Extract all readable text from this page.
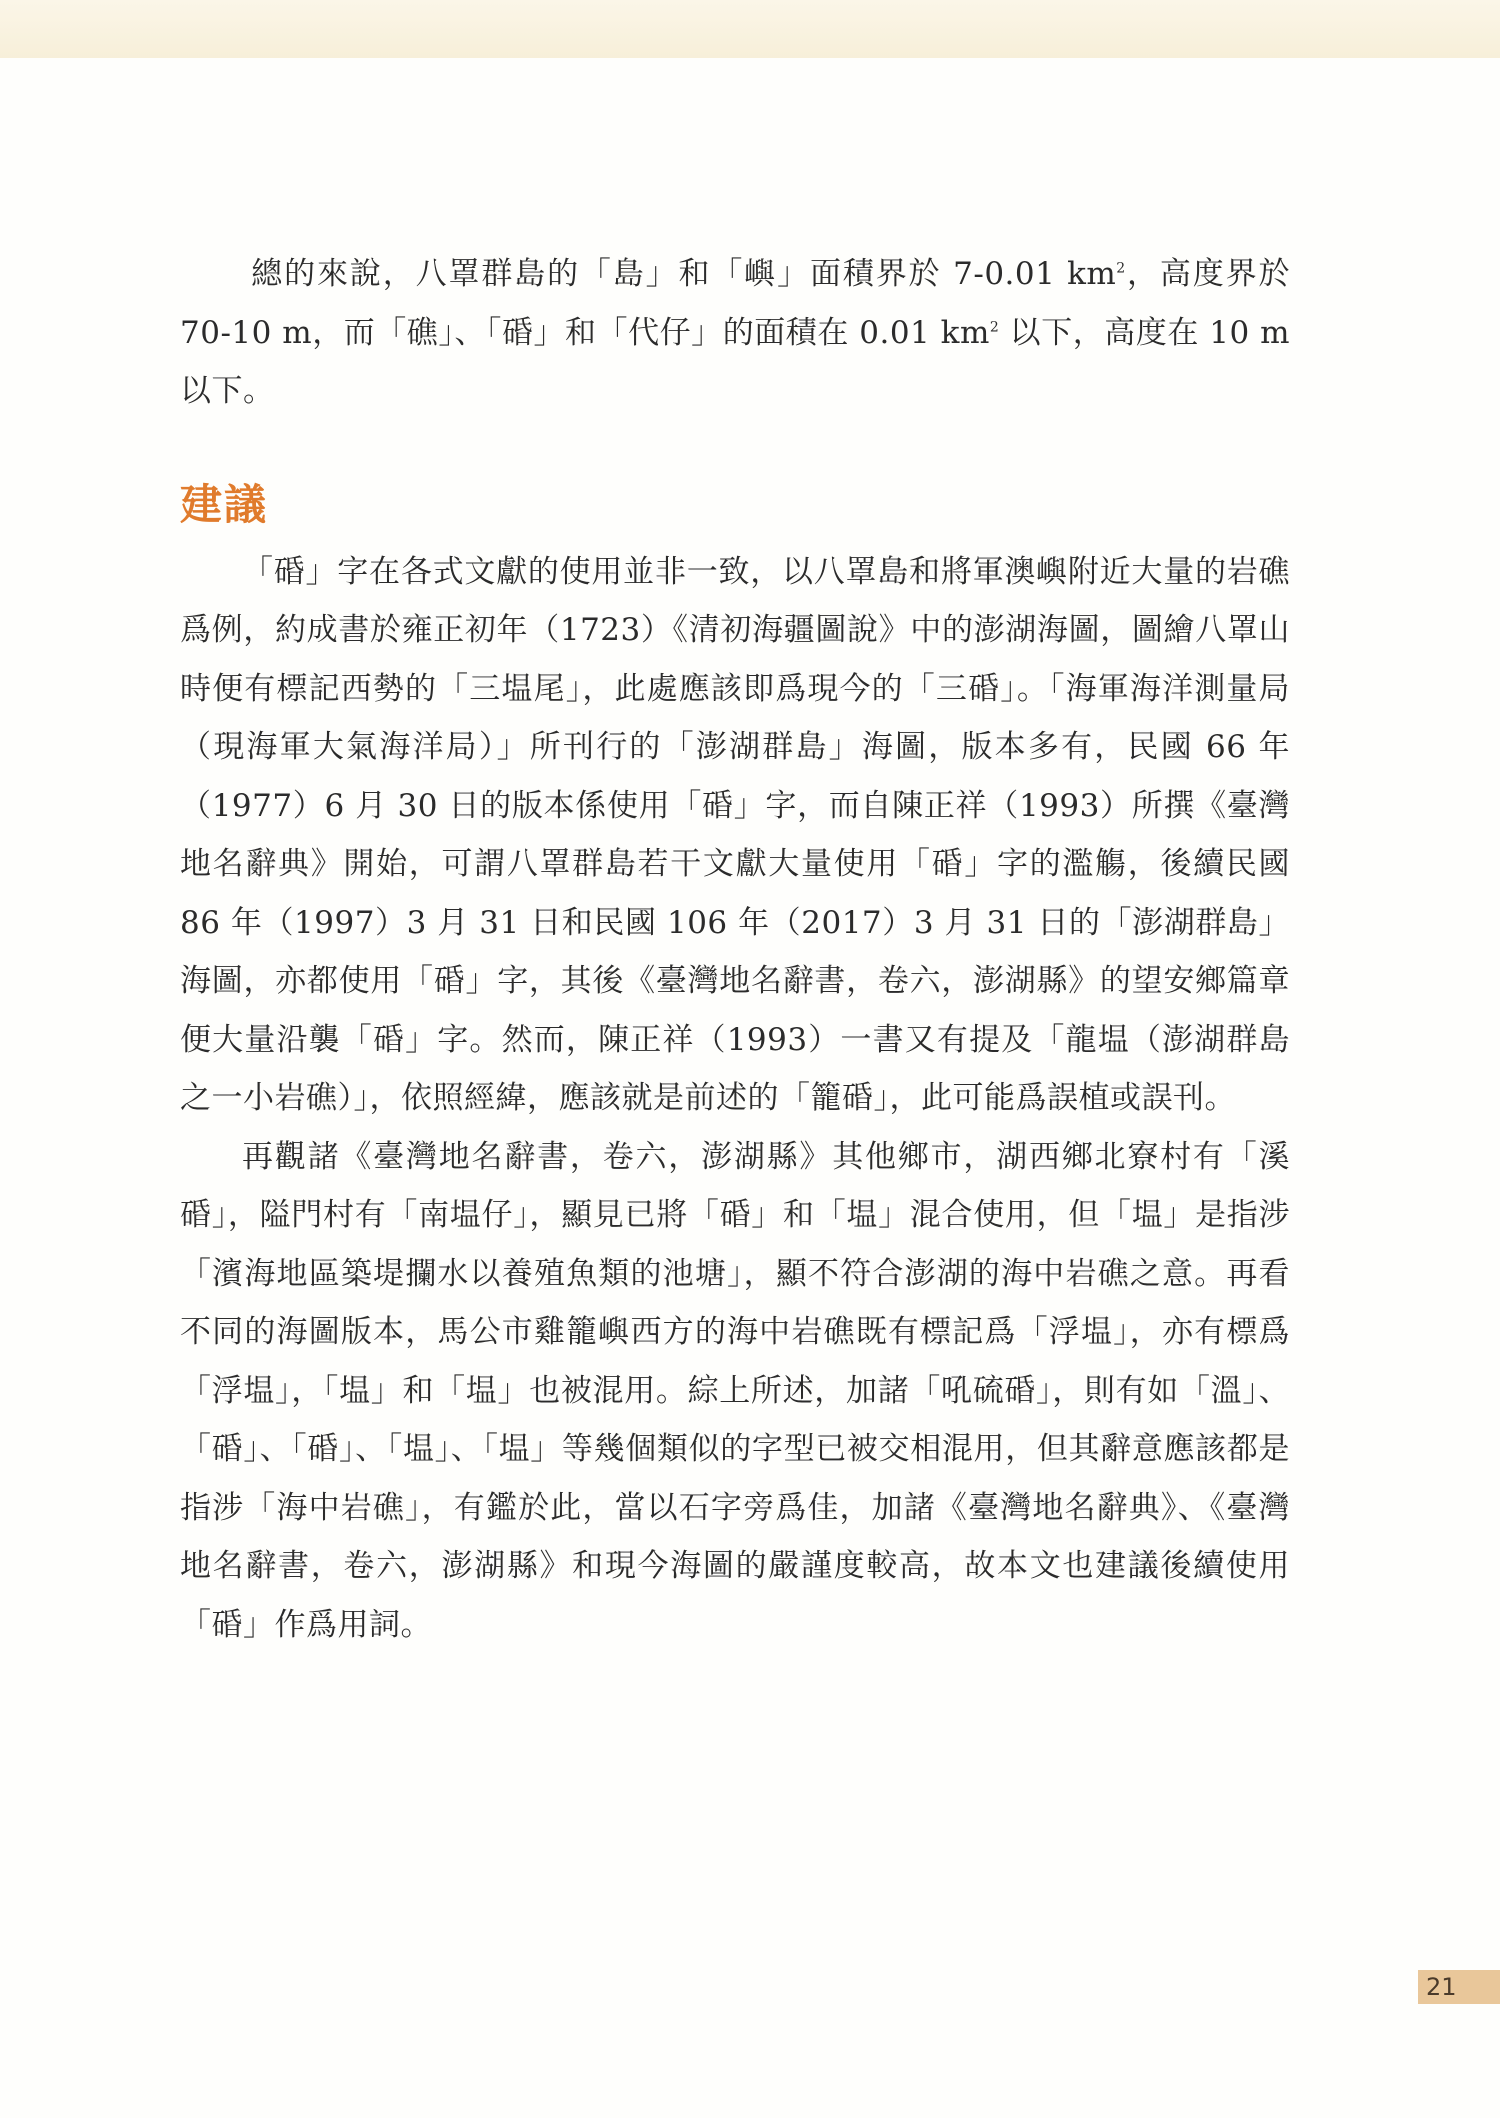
總的來說，八罩群島的「島」和「嶼」面積界於 7-0.01 $km^2$，高度界於 70-10 m，而「礁」、「碈」和「代仔」的面積在 0.01 $km^2$ 以下，高度在 10 m 以下。

建議

「碈」字在各式文獻的使用並非一致，以八罩島和將軍澳嶼附近大量的岩礁爲例，約成書於雍正初年（1723）《清初海疆圖說》中的澎湖海圖，圖繪八罩山時便有標記西勢的「三塭尾」，此處應該即爲現今的「三碈」。「海軍海洋測量局（現海軍大氣海洋局）」所刊行的「澎湖群島」海圖，版本多有，民國 66 年（1977）6 月 30 日的版本係使用「碈」字，而自陳正祥（1993）所撰《臺灣地名辭典》開始，可謂八罩群島若干文獻大量使用「碈」字的濫觴，後續民國 86 年（1997）3 月 31 日和民國 106 年（2017）3 月 31 日的「澎湖群島」海圖，亦都使用「碈」字，其後《臺灣地名辭書，卷六，澎湖縣》的望安鄉篇章便大量沿襲「碈」字。然而，陳正祥（1993）一書又有提及「龍塭（澎湖群島之一小岩礁）」，依照經緯，應該就是前述的「籠碈」，此可能爲誤植或誤刊。

再觀諸《臺灣地名辭書，卷六，澎湖縣》其他鄉市，湖西鄉北寮村有「溪碈」，隘門村有「南塭仔」，顯見已將「碈」和「塭」混合使用，但「塭」是指涉「濱海地區築堤攔水以養殖魚類的池塘」，顯不符合澎湖的海中岩礁之意。再看不同的海圖版本，馬公市雞籠嶼西方的海中岩礁既有標記爲「浮塭」，亦有標爲「浮塭」，「塭」和「塭」也被混用。綜上所述，加諸「吼硫碈」，則有如「溫」、「碈」、「碈」、「塭」、「塭」等幾個類似的字型已被交相混用，但其辭意應該都是指涉「海中岩礁」，有鑑於此，當以石字旁爲佳，加諸《臺灣地名辭典》、《臺灣地名辭書，卷六，澎湖縣》和現今海圖的嚴謹度較高，故本文也建議後續使用「碈」作爲用詞。

21
